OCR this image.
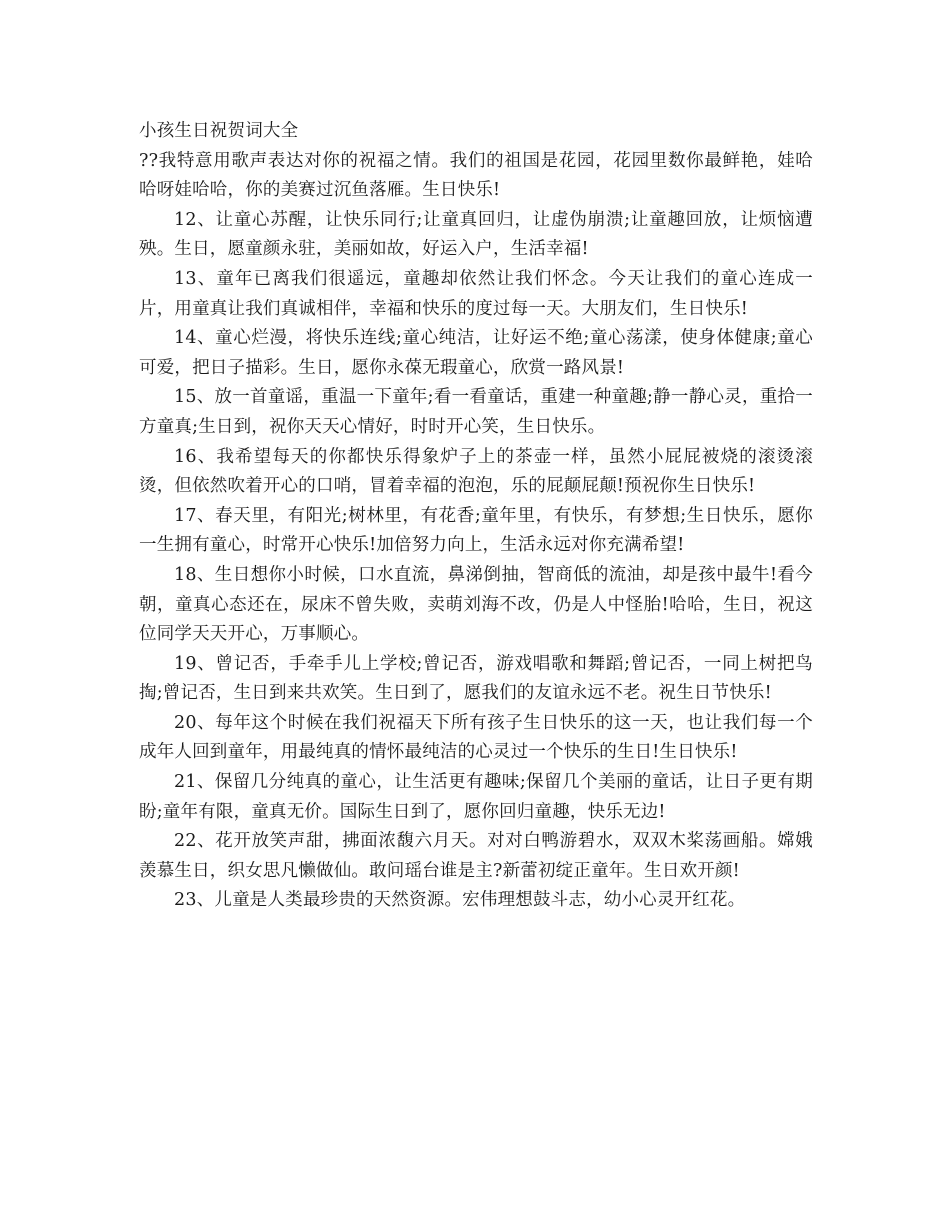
小孩生日祝贺词大全

??我特意用歌声表达对你的祝福之情。我们的祖国是花园，花园里数你最鲜艳，娃哈哈呀娃哈哈，你的美赛过沉鱼落雁。生日快乐!

12、让童心苏醒，让快乐同行;让童真回归，让虚伪崩溃;让童趣回放，让烦恼遭殃。生日，愿童颜永驻，美丽如故，好运入户，生活幸福!

13、童年已离我们很遥远，童趣却依然让我们怀念。今天让我们的童心连成一片，用童真让我们真诚相伴，幸福和快乐的度过每一天。大朋友们，生日快乐!

14、童心烂漫，将快乐连线;童心纯洁，让好运不绝;童心荡漾，使身体健康;童心可爱，把日子描彩。生日，愿你永葆无瑕童心，欣赏一路风景!

15、放一首童谣，重温一下童年;看一看童话，重建一种童趣;静一静心灵，重拾一方童真;生日到，祝你天天心情好，时时开心笑，生日快乐。

16、我希望每天的你都快乐得象炉子上的茶壶一样，虽然小屁屁被烧的滚烫滚烫，但依然吹着开心的口哨，冒着幸福的泡泡，乐的屁颠屁颠!预祝你生日快乐!

17、春天里，有阳光;树林里，有花香;童年里，有快乐，有梦想;生日快乐，愿你一生拥有童心，时常开心快乐!加倍努力向上，生活永远对你充满希望!

18、生日想你小时候，口水直流，鼻涕倒抽，智商低的流油，却是孩中最牛!看今朝，童真心态还在，尿床不曾失败，卖萌刘海不改，仍是人中怪胎!哈哈，生日，祝这位同学天天开心，万事顺心。

19、曾记否，手牵手儿上学校;曾记否，游戏唱歌和舞蹈;曾记否，一同上树把鸟掏;曾记否，生日到来共欢笑。生日到了，愿我们的友谊永远不老。祝生日节快乐!

20、每年这个时候在我们祝福天下所有孩子生日快乐的这一天，也让我们每一个成年人回到童年，用最纯真的情怀最纯洁的心灵过一个快乐的生日!生日快乐!

21、保留几分纯真的童心，让生活更有趣味;保留几个美丽的童话，让日子更有期盼;童年有限，童真无价。国际生日到了，愿你回归童趣，快乐无边!

22、花开放笑声甜，拂面浓馥六月天。对对白鸭游碧水，双双木桨荡画船。嫦娥羡慕生日，织女思凡懒做仙。敢问瑶台谁是主?新蕾初绽正童年。生日欢开颜!

23、儿童是人类最珍贵的天然资源。宏伟理想鼓斗志，幼小心灵开红花。
